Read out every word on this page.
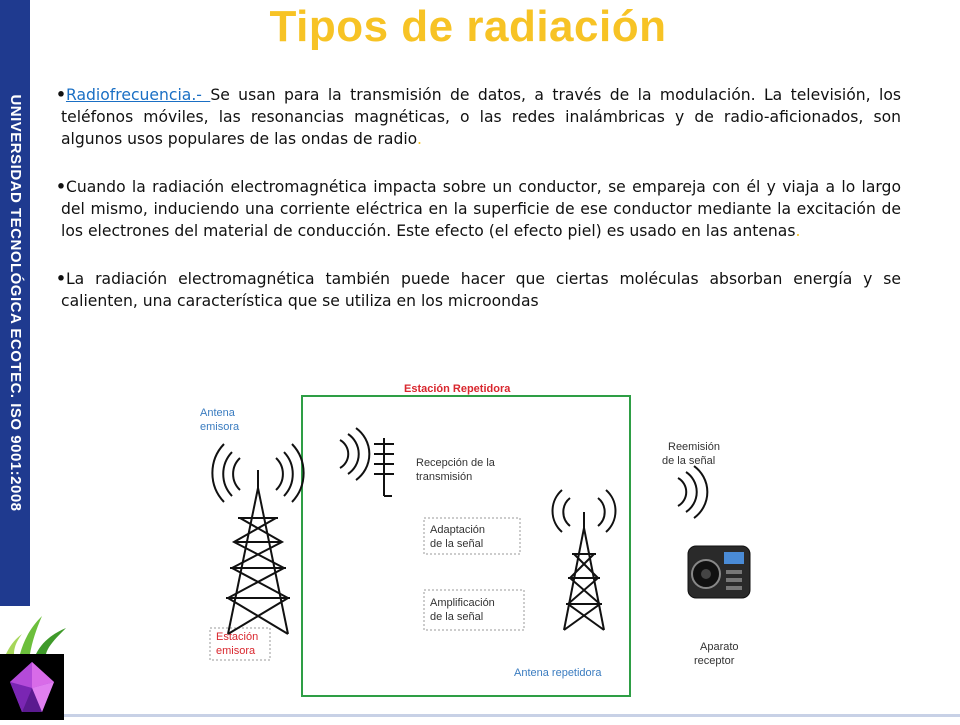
UNIVERSIDAD TECNOLÓGICA ECOTEC. ISO 9001:2008
Tipos de radiación

•Radiofrecuencia.- Se usan para la transmisión de datos, a través de la modulación. La televisión, los teléfonos móviles, las resonancias magnéticas, o las redes inalámbricas y de radio-aficionados, son algunos usos populares de las ondas de radio.

•Cuando la radiación electromagnética impacta sobre un conductor, se empareja con él y viaja a lo largo del mismo, induciendo una corriente eléctrica en la superficie de ese conductor mediante la excitación de los electrones del material de conducción. Este efecto (el efecto piel) es usado en las antenas.

•La radiación electromagnética también puede hacer que ciertas moléculas absorban energía y se calienten, una característica que se utiliza en los microondas

Estación Repetidora
Antena
emisora
Recepción de la
transmisión
Adaptación
de la señal
Amplificación
de la señal
Reemisión
de la señal
Aparato
receptor
Estación
emisora
Antena repetidora
